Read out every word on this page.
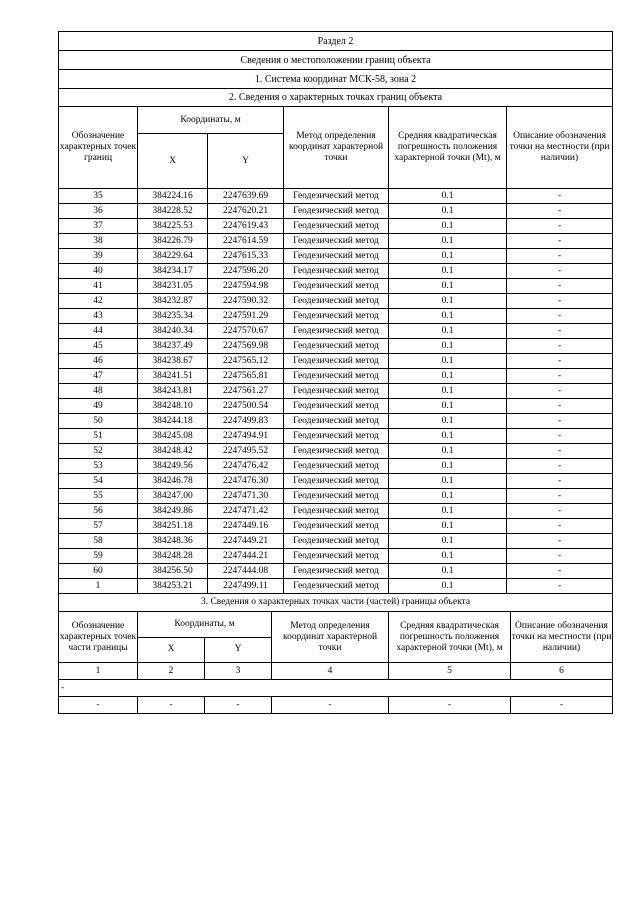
Раздел 2					
Сведения о местоположении границ объекта					
1. Система координат МСК-58, зона 2					
2. Сведения о характерных точках границ объекта					
Обозначение характерных точек границ	Координаты, м		Метод определения координат характерной точки	Средняя квадратическая погрешность положения характерной точки (Mt), м	Описание обозначения точки на местности (при наличии)
	X	Y			
35	384224.16	2247639.69	Геодезический метод	0.1	-
36	384228.52	2247620.21	Геодезический метод	0.1	-
37	384225.53	2247619.43	Геодезический метод	0.1	-
38	384226.79	2247614.59	Геодезический метод	0.1	-
39	384229.64	2247615.33	Геодезический метод	0.1	-
40	384234.17	2247596.20	Геодезический метод	0.1	-
41	384231.05	2247594.98	Геодезический метод	0.1	-
42	384232.87	2247590.32	Геодезический метод	0.1	-
43	384235.34	2247591.29	Геодезический метод	0.1	-
44	384240.34	2247570.67	Геодезический метод	0.1	-
45	384237.49	2247569.98	Геодезический метод	0.1	-
46	384238.67	2247565.12	Геодезический метод	0.1	-
47	384241.51	2247565.81	Геодезический метод	0.1	-
48	384243.81	2247561.27	Геодезический метод	0.1	-
49	384248.10	2247500.54	Геодезический метод	0.1	-
50	384244.18	2247499.83	Геодезический метод	0.1	-
51	384245.08	2247494.91	Геодезический метод	0.1	-
52	384248.42	2247495.52	Геодезический метод	0.1	-
53	384249.56	2247476.42	Геодезический метод	0.1	-
54	384246.78	2247476.30	Геодезический метод	0.1	-
55	384247.00	2247471.30	Геодезический метод	0.1	-
56	384249.86	2247471.42	Геодезический метод	0.1	-
57	384251.18	2247449.16	Геодезический метод	0.1	-
58	384248.36	2247449.21	Геодезический метод	0.1	-
59	384248.28	2247444.21	Геодезический метод	0.1	-
60	384256.50	2247444.08	Геодезический метод	0.1	-
1	384253.21	2247499.11	Геодезический метод	0.1	-
3. Сведения о характерных точках части (частей) границы объекта					
Обозначение характерных точек части границы	Координаты, м		Метод определения координат характерной точки	Средняя квадратическая погрешность положения характерной точки (Mt), м	Описание обозначения точки на местности (при наличии)
	X	Y			
1	2	3	4	5	6
-					
-	-	-	-	-	-
